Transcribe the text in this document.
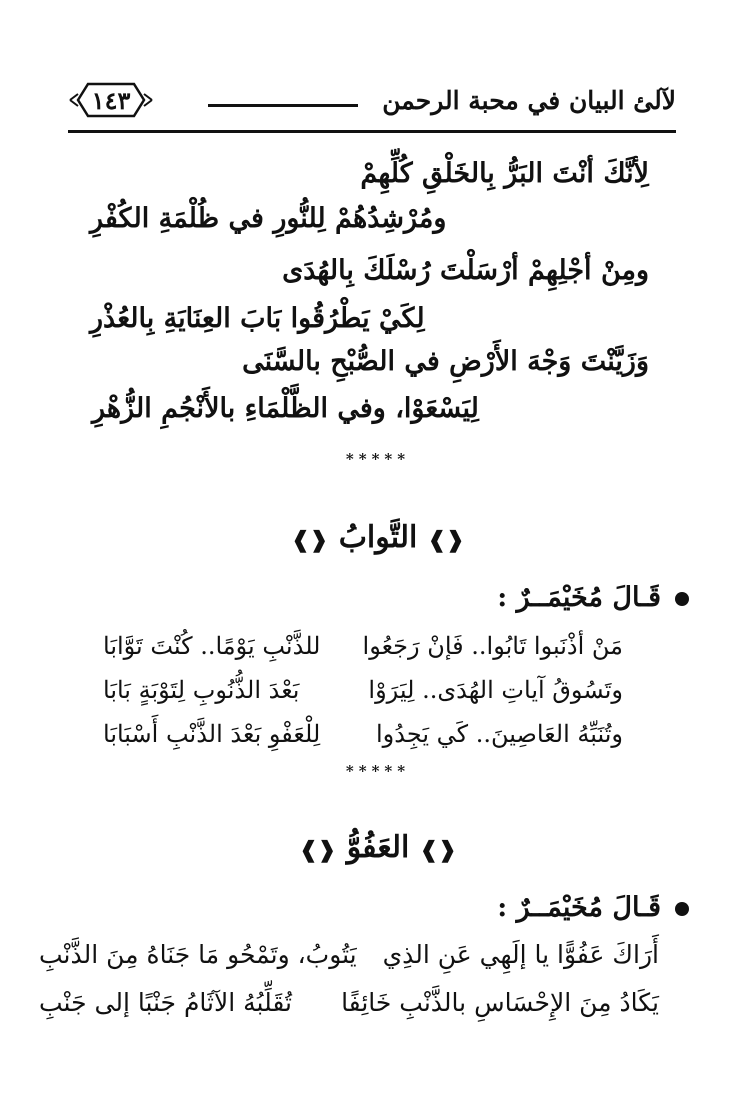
لآلئ البيان في محبة الرحمن
١٤٣
لِأنَّكَ أنْتَ البَرُّ بِالخَلْقِ كُلِّهِمْ
ومُرْشِدُهُمْ لِلنُّورِ في ظُلْمَةِ الكُفْرِ
ومِنْ أجْلِهِمْ أرْسَلْتَ رُسْلَكَ بِالهُدَى
لِكَيْ يَطْرُقُوا بَابَ العِنَايَةِ بِالعُذْرِ
وَزَيَّنْتَ وَجْهَ الأَرْضِ في الصُّبْحِ بالسَّنَى
لِيَسْعَوْا، وفي الظَّلْمَاءِ بالأَنْجُمِ الزُّهْرِ
*****
❰❱ التَّوابُ ❰❱
قَـالَ مُخَيْمَــرٌ :
مَنْ أذْنَبوا تَابُوا.. فَإنْ رَجَعُوا
للذَّنْبِ يَوْمًا.. كُنْتَ تَوَّابَا
وتَسُوقُ آياتِ الهُدَى.. لِيَرَوْا
بَعْدَ الذُّنُوبِ لِتَوْبَةٍ بَابَا
وتُنَبِّهُ العَاصِينَ.. كَي يَجِدُوا
لِلْعَفْوِ بَعْدَ الذَّنْبِ أَسْبَابَا
*****
❰❱ العَفُوُّ ❰❱
قَـالَ مُخَيْمَــرٌ :
أَرَاكَ عَفُوًّا يا إلَهِي عَنِ الذِي
يَتُوبُ، وتَمْحُو مَا جَنَاهُ مِنَ الذَّنْبِ
يَكَادُ مِنَ الإِحْسَاسِ بالذَّنْبِ خَائِفًا
تُقَلِّبُهُ الآثَامُ جَنْبًا إلى جَنْبِ
